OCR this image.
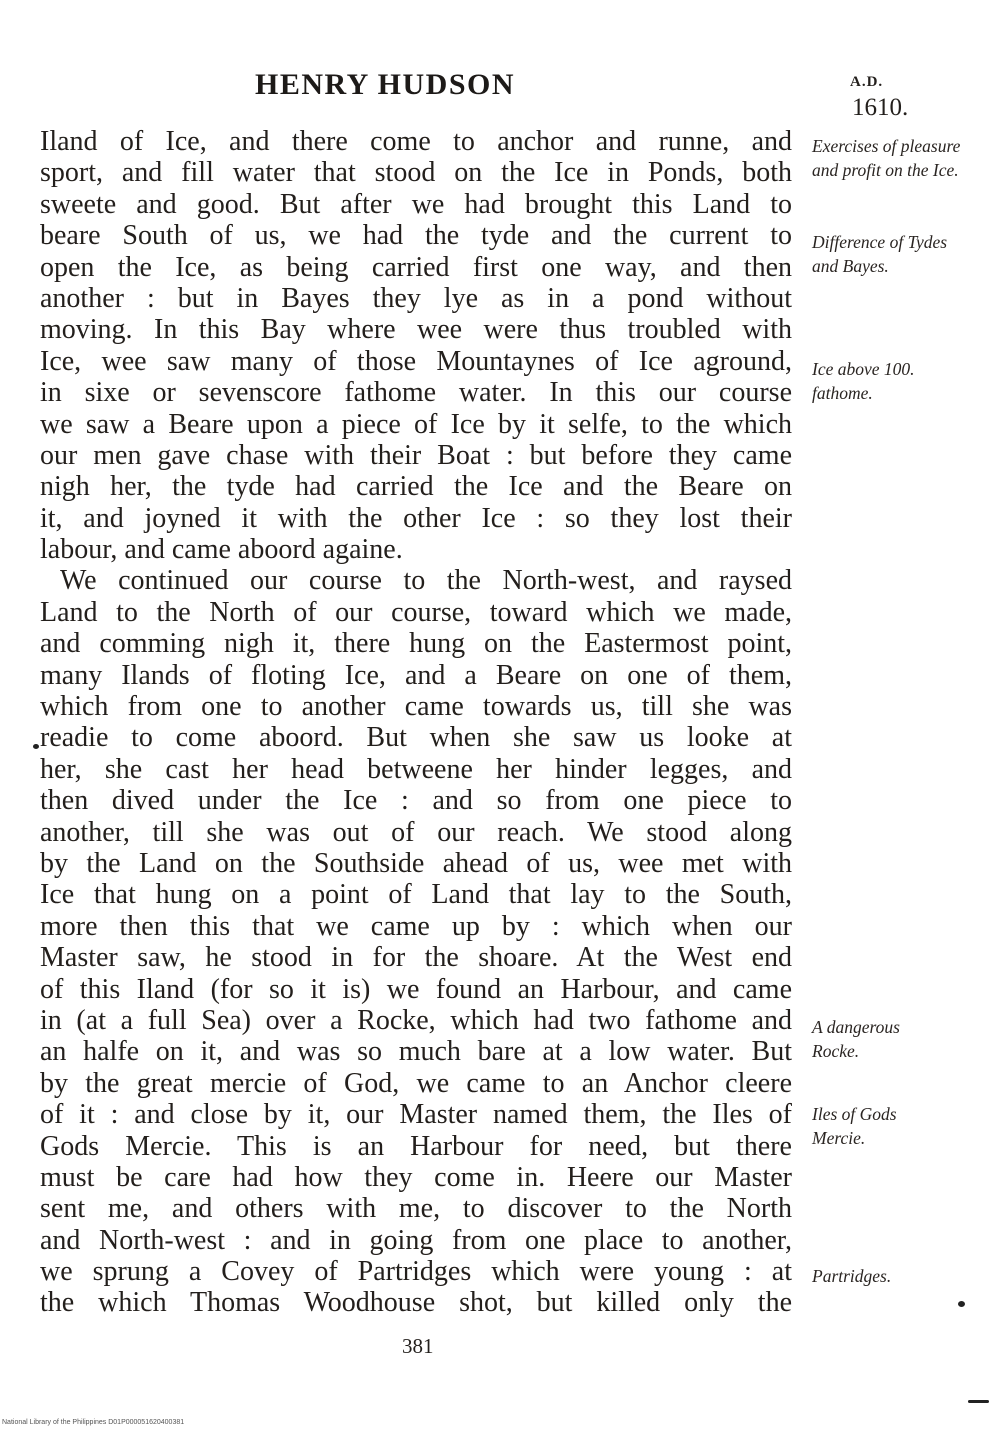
HENRY HUDSON	A.D.
1610.
Iland of Ice, and there come to anchor and runne, and
sport, and fill water that stood on the Ice in Ponds, both
sweete and good. But after we had brought this Land to
beare South of us, we had the tyde and the current to
open the Ice, as being carried first one way, and then
another : but in Bayes they lye as in a pond without
moving. In this Bay where wee were thus troubled with
Ice, wee saw many of those Mountaynes of Ice aground,
in sixe or sevenscore fathome water. In this our course
we saw a Beare upon a piece of Ice by it selfe, to the which
our men gave chase with their Boat : but before they came
nigh her, the tyde had carried the Ice and the Beare on
it, and joyned it with the other Ice : so they lost their
labour, and came aboord againe.
We continued our course to the North-west, and raysed
Land to the North of our course, toward which we made,
and comming nigh it, there hung on the Eastermost point,
many Ilands of floting Ice, and a Beare on one of them,
which from one to another came towards us, till she was
readie to come aboord. But when she saw us looke at
her, she cast her head betweene her hinder legges, and
then dived under the Ice : and so from one piece to
another, till she was out of our reach. We stood along
by the Land on the Southside ahead of us, wee met with
Ice that hung on a point of Land that lay to the South,
more then this that we came up by : which when our
Master saw, he stood in for the shoare. At the West end
of this Iland (for so it is) we found an Harbour, and came
in (at a full Sea) over a Rocke, which had two fathome and
an halfe on it, and was so much bare at a low water. But
by the great mercie of God, we came to an Anchor cleere
of it : and close by it, our Master named them, the Iles of
Gods Mercie. This is an Harbour for need, but there
must be care had how they come in. Heere our Master
sent me, and others with me, to discover to the North
and North-west : and in going from one place to another,
we sprung a Covey of Partridges which were young : at
the which Thomas Woodhouse shot, but killed only the
Exercises of pleasure and profit on the Ice.
Difference of Tydes and Bayes.
Ice above 100. fathome.
A dangerous Rocke.
Iles of Gods Mercie.
Partridges.
381
National Library of the Philippines D01P000051620400381
